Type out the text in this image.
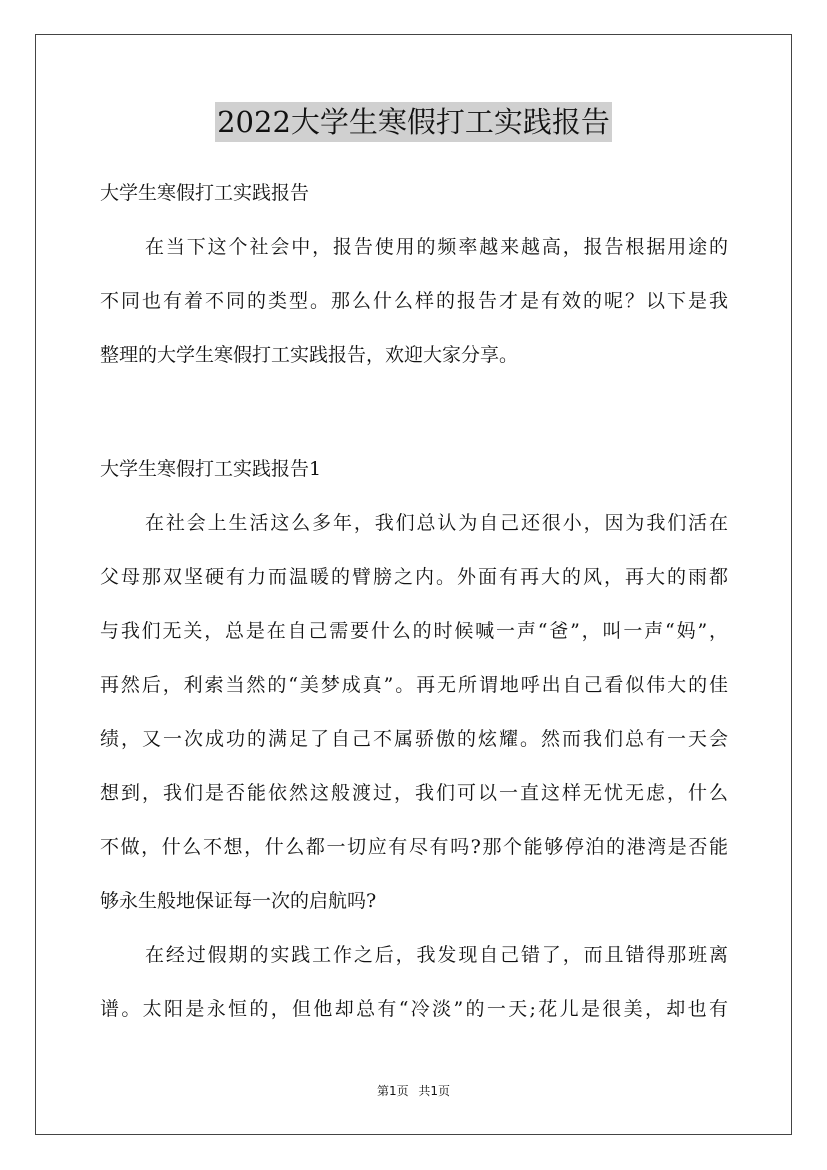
2022大学生寒假打工实践报告
大学生寒假打工实践报告
在当下这个社会中，报告使用的频率越来越高，报告根据用途的
不同也有着不同的类型。那么什么样的报告才是有效的呢？以下是我
整理的大学生寒假打工实践报告，欢迎大家分享。
大学生寒假打工实践报告1
在社会上生活这么多年，我们总认为自己还很小，因为我们活在
父母那双坚硬有力而温暖的臂膀之内。外面有再大的风，再大的雨都
与我们无关，总是在自己需要什么的时候喊一声“爸”，叫一声“妈”，
再然后，利索当然的“美梦成真”。再无所谓地呼出自己看似伟大的佳
绩，又一次成功的满足了自己不属骄傲的炫耀。然而我们总有一天会
想到，我们是否能依然这般渡过，我们可以一直这样无忧无虑，什么
不做，什么不想，什么都一切应有尽有吗?那个能够停泊的港湾是否能
够永生般地保证每一次的启航吗?
在经过假期的实践工作之后，我发现自己错了，而且错得那班离
谱。太阳是永恒的，但他却总有“冷淡”的一天;花儿是很美，却也有
第1页 共1页
